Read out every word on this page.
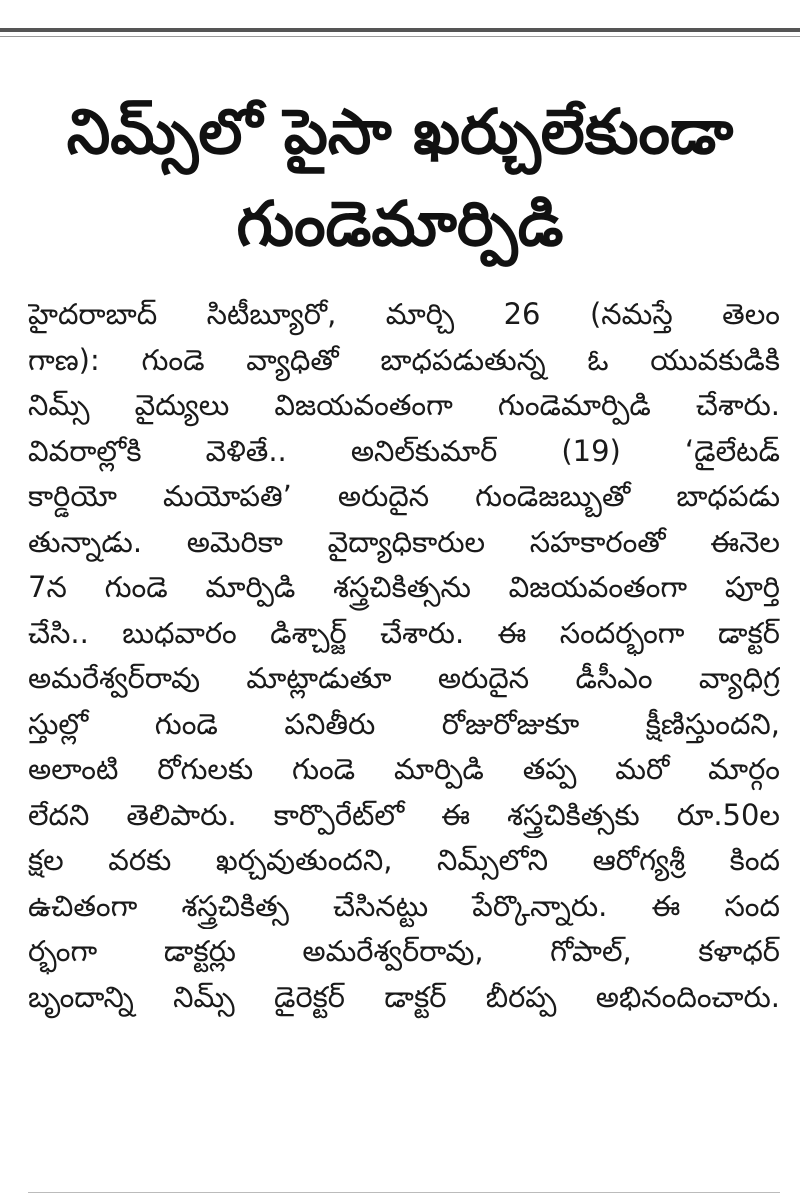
నిమ్స్‌లో పైసా ఖర్చులేకుండా
గుండెమార్పిడి
హైదరాబాద్ సిటీబ్యూరో, మార్చి 26 (నమస్తే తెలం
గాణ): గుండె వ్యాధితో బాధపడుతున్న ఓ యువకుడికి
నిమ్స్ వైద్యులు విజయవంతంగా గుండెమార్పిడి చేశారు.
వివరాల్లోకి వెళితే.. అనిల్‌కుమార్ (19) ‘డైలేటడ్
కార్డియో మయోపతి’ అరుదైన గుండెజబ్బుతో బాధపడు
తున్నాడు. అమెరికా వైద్యాధికారుల సహకారంతో ఈనెల
7న గుండె మార్పిడి శస్త్రచికిత్సను విజయవంతంగా పూర్తి
చేసి.. బుధవారం డిశ్చార్జ్ చేశారు. ఈ సందర్భంగా డాక్టర్
అమరేశ్వర్‌రావు మాట్లాడుతూ అరుదైన డీసీఎం వ్యాధిగ్ర
స్తుల్లో గుండె పనితీరు రోజురోజుకూ క్షీణిస్తుందని,
అలాంటి రోగులకు గుండె మార్పిడి తప్ప మరో మార్గం
లేదని తెలిపారు. కార్పొరేట్‌లో ఈ శస్త్రచికిత్సకు రూ.50ల
క్షల వరకు ఖర్చవుతుందని, నిమ్స్‌లోని ఆరోగ్యశ్రీ కింద
ఉచితంగా శస్త్రచికిత్స చేసినట్టు పేర్కొన్నారు. ఈ సంద
ర్భంగా డాక్టర్లు అమరేశ్వర్‌రావు, గోపాల్, కళాధర్
బృందాన్ని నిమ్స్ డైరెక్టర్ డాక్టర్ బీరప్ప అభినందించారు.
